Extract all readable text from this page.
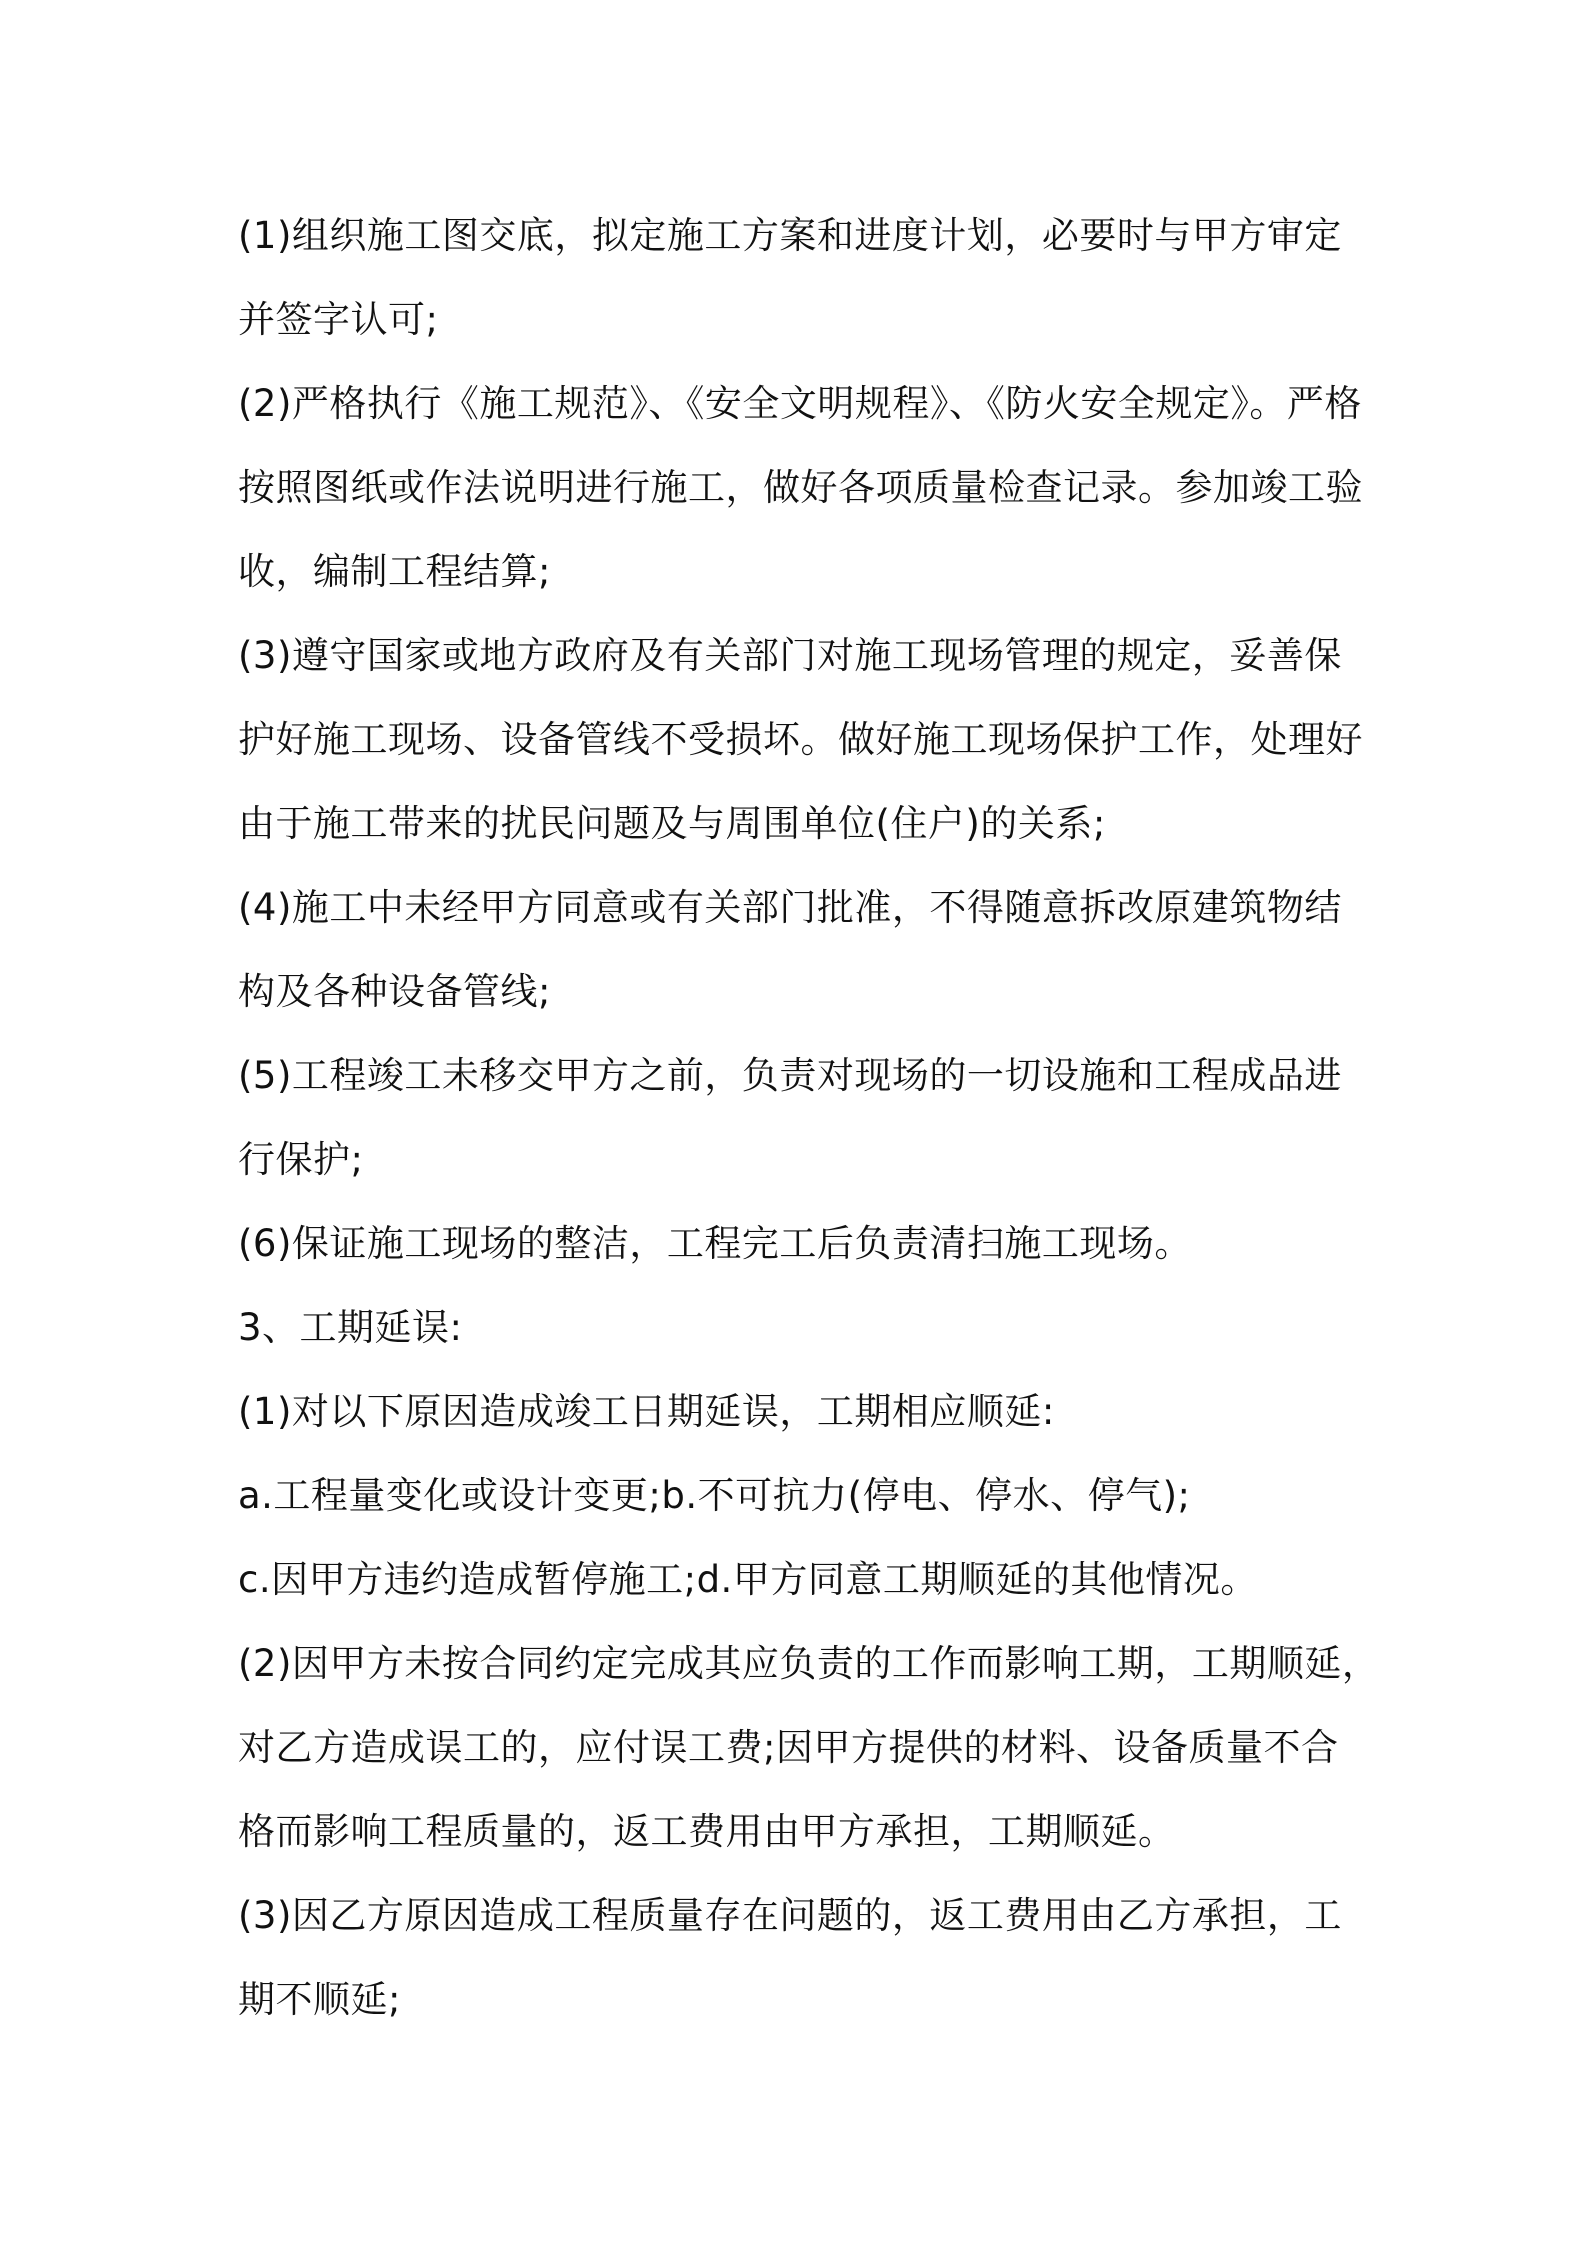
(1)组织施工图交底，拟定施工方案和进度计划，必要时与甲方审定
并签字认可;
(2)严格执行《施工规范》、《安全文明规程》、《防火安全规定》。严格
按照图纸或作法说明进行施工，做好各项质量检查记录。参加竣工验
收，编制工程结算;
(3)遵守国家或地方政府及有关部门对施工现场管理的规定，妥善保
护好施工现场、设备管线不受损坏。做好施工现场保护工作，处理好
由于施工带来的扰民问题及与周围单位(住户)的关系;
(4)施工中未经甲方同意或有关部门批准，不得随意拆改原建筑物结
构及各种设备管线;
(5)工程竣工未移交甲方之前，负责对现场的一切设施和工程成品进
行保护;
(6)保证施工现场的整洁，工程完工后负责清扫施工现场。
3、工期延误:
(1)对以下原因造成竣工日期延误，工期相应顺延:
a.工程量变化或设计变更;b.不可抗力(停电、停水、停气);
c.因甲方违约造成暂停施工;d.甲方同意工期顺延的其他情况。
(2)因甲方未按合同约定完成其应负责的工作而影响工期，工期顺延，
对乙方造成误工的，应付误工费;因甲方提供的材料、设备质量不合
格而影响工程质量的，返工费用由甲方承担，工期顺延。
(3)因乙方原因造成工程质量存在问题的，返工费用由乙方承担，工
期不顺延;
